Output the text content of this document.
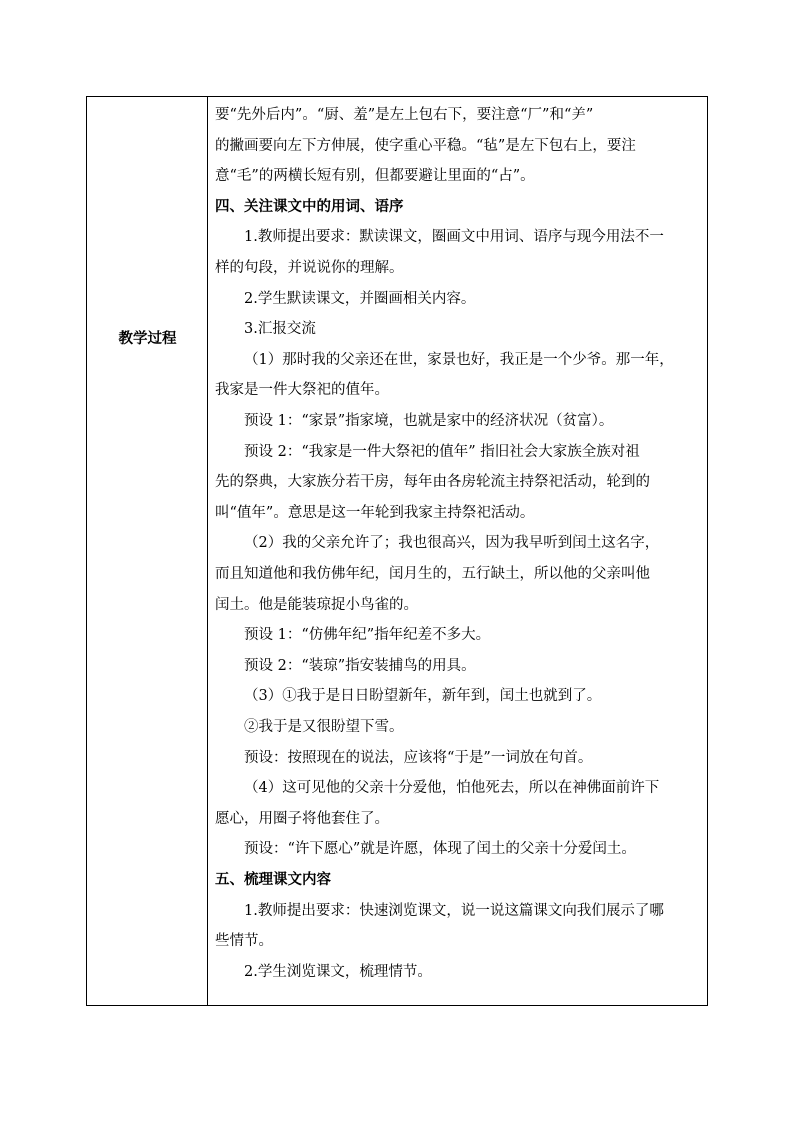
教学过程
要“先外后内”。“厨、羞”是左上包右下，要注意“厂”和“⺶”
的撇画要向左下方伸展，使字重心平稳。“毡”是左下包右上，要注
意“毛”的两横长短有别，但都要避让里面的“占”。
四、关注课文中的用词、语序
1.教师提出要求：默读课文，圈画文中用词、语序与现今用法不一
样的句段，并说说你的理解。
2.学生默读课文，并圈画相关内容。
3.汇报交流
（1）那时我的父亲还在世，家景也好，我正是一个少爷。那一年，
我家是一件大祭祀的值年。
预设 1：“家景”指家境，也就是家中的经济状况（贫富）。
预设 2：“我家是一件大祭祀的值年” 指旧社会大家族全族对祖
先的祭典，大家族分若干房，每年由各房轮流主持祭祀活动，轮到的
叫“值年”。意思是这一年轮到我家主持祭祀活动。
（2）我的父亲允许了；我也很高兴，因为我早听到闰土这名字，
而且知道他和我仿佛年纪，闰月生的，五行缺土，所以他的父亲叫他
闰土。他是能装琼捉小鸟雀的。
预设 1：“仿佛年纪”指年纪差不多大。
预设 2：“装琼”指安装捕鸟的用具。
（3）①我于是日日盼望新年，新年到，闰土也就到了。
②我于是又很盼望下雪。
预设：按照现在的说法，应该将“于是”一词放在句首。
（4）这可见他的父亲十分爱他，怕他死去，所以在神佛面前许下
愿心，用圈子将他套住了。
预设：“许下愿心”就是许愿，体现了闰土的父亲十分爱闰土。
五、梳理课文内容
1.教师提出要求：快速浏览课文，说一说这篇课文向我们展示了哪
些情节。
2.学生浏览课文，梳理情节。
